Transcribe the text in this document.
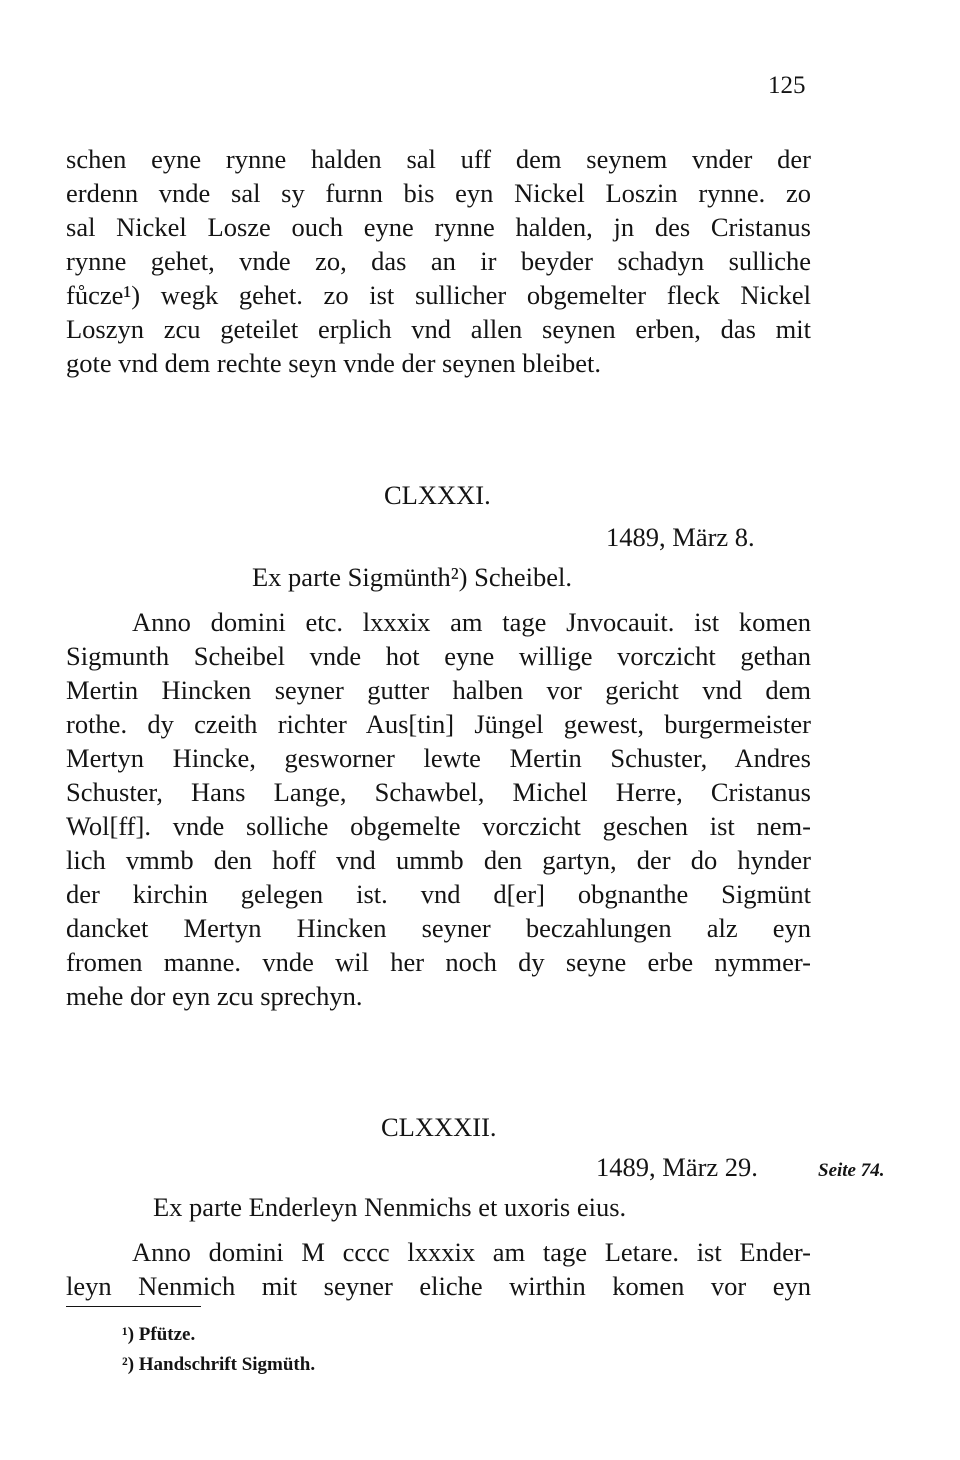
125
schen eyne rynne halden sal uff dem seynem vnder der
erdenn vnde sal sy furnn bis eyn Nickel Loszin rynne. zo
sal Nickel Losze ouch eyne rynne halden, jn des Cristanus
rynne gehet, vnde zo, das an ir beyder schadyn sulliche
fůcze¹) wegk gehet. zo ist sullicher obgemelter fleck Nickel
Loszyn zcu geteilet erplich vnd allen seynen erben, das mit
gote vnd dem rechte seyn vnde der seynen bleibet.
CLXXXI.
1489, März 8.
Ex parte Sigmünth²) Scheibel.
Anno domini etc. lxxxix am tage Jnvocauit. ist komen
Sigmunth Scheibel vnde hot eyne willige vorczicht gethan
Mertin Hincken seyner gutter halben vor gericht vnd dem
rothe. dy czeith richter Aus[tin] Jüngel gewest, burgermeister
Mertyn Hincke, gesworner lewte Mertin Schuster, Andres
Schuster, Hans Lange, Schawbel, Michel Herre, Cristanus
Wol[ff]. vnde solliche obgemelte vorczicht geschen ist nem-
lich vmmb den hoff vnd ummb den gartyn, der do hynder
der kirchin gelegen ist. vnd d[er] obgnanthe Sigmünt
dancket Mertyn Hincken seyner beczahlungen alz eyn
fromen manne. vnde wil her noch dy seyne erbe nymmer-
mehe dor eyn zcu sprechyn.
CLXXXII.
1489, März 29.	Seite 74.
Ex parte Enderleyn Nenmichs et uxoris eius.
Anno domini M cccc lxxxix am tage Letare. ist Ender-
leyn Nenmich mit seyner eliche wirthin komen vor eyn
¹) Pfütze.
²) Handschrift Sigmüth.
